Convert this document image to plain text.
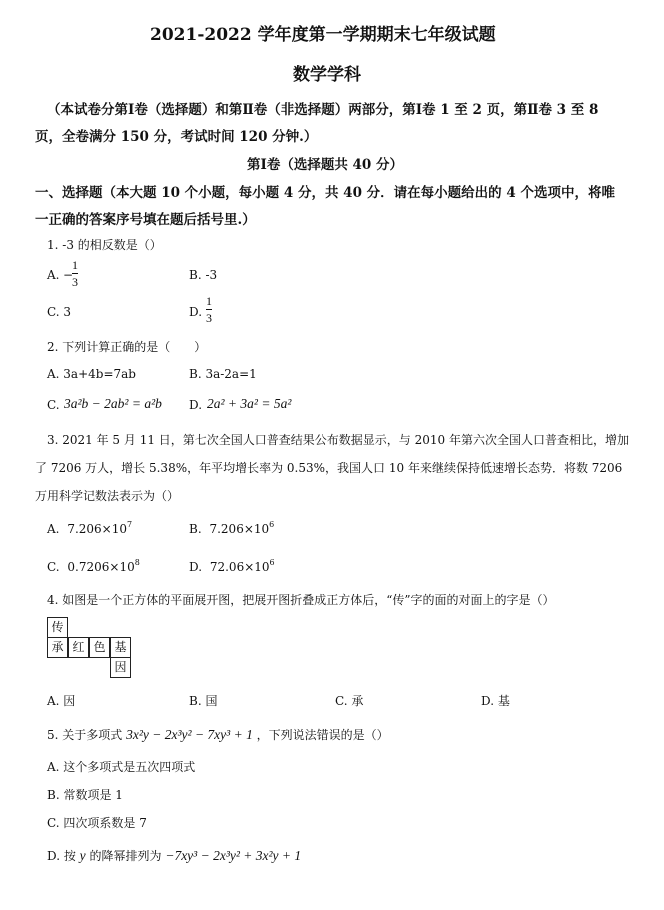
2021-2022 学年度第一学期期末七年级试题
数学学科
（本试卷分第Ⅰ卷（选择题）和第Ⅱ卷（非选择题）两部分，第Ⅰ卷 1 至 2 页，第Ⅱ卷 3 至 8
页，全卷满分 150 分，考试时间 120 分钟.）
第Ⅰ卷（选择题共 40 分）
一、选择题（本大题 10 个小题，每小题 4 分，共 40 分．请在每小题给出的 4 个选项中，将唯
一正确的答案序号填在题后括号里.）
1. -3 的相反数是（）
A. −
1
3	B. -3
C. 3	D.
1
3
2. 下列计算正确的是（　　）
A. 3a+4b=7ab	B. 3a-2a=1
C. 3a²b − 2ab² = a²b D. 2a² + 3a² = 5a²
3. 2021 年 5 月 11 日，第七次全国人口普查结果公布数据显示，与 2010 年第六次全国人口普查相比，增加
了 7206 万人，增长 5.38%，年平均增长率为 0.53%，我国人口 10 年来继续保持低速增长态势．将数 7206
万用科学记数法表示为（）
A. $7.206\times 10^7$	B. $7.206\times 10^6$
C. $0.7206\times 10^8$	D. $72.06\times 10^6$
4. 如图是一个正方体的平面展开图，把展开图折叠成正方体后，“传”字的面的对面上的字是（）
传
承 红 色 基
因
A. 因	B. 国	C. 承	D. 基
5. 关于多项式 3x²y − 2x³y² − 7xy³ + 1 ，下列说法错误的是（）
A. 这个多项式是五次四项式
B. 常数项是 1
C. 四次项系数是 7
D. 按 y 的降幂排列为 −7xy³ − 2x³y² + 3x²y + 1
